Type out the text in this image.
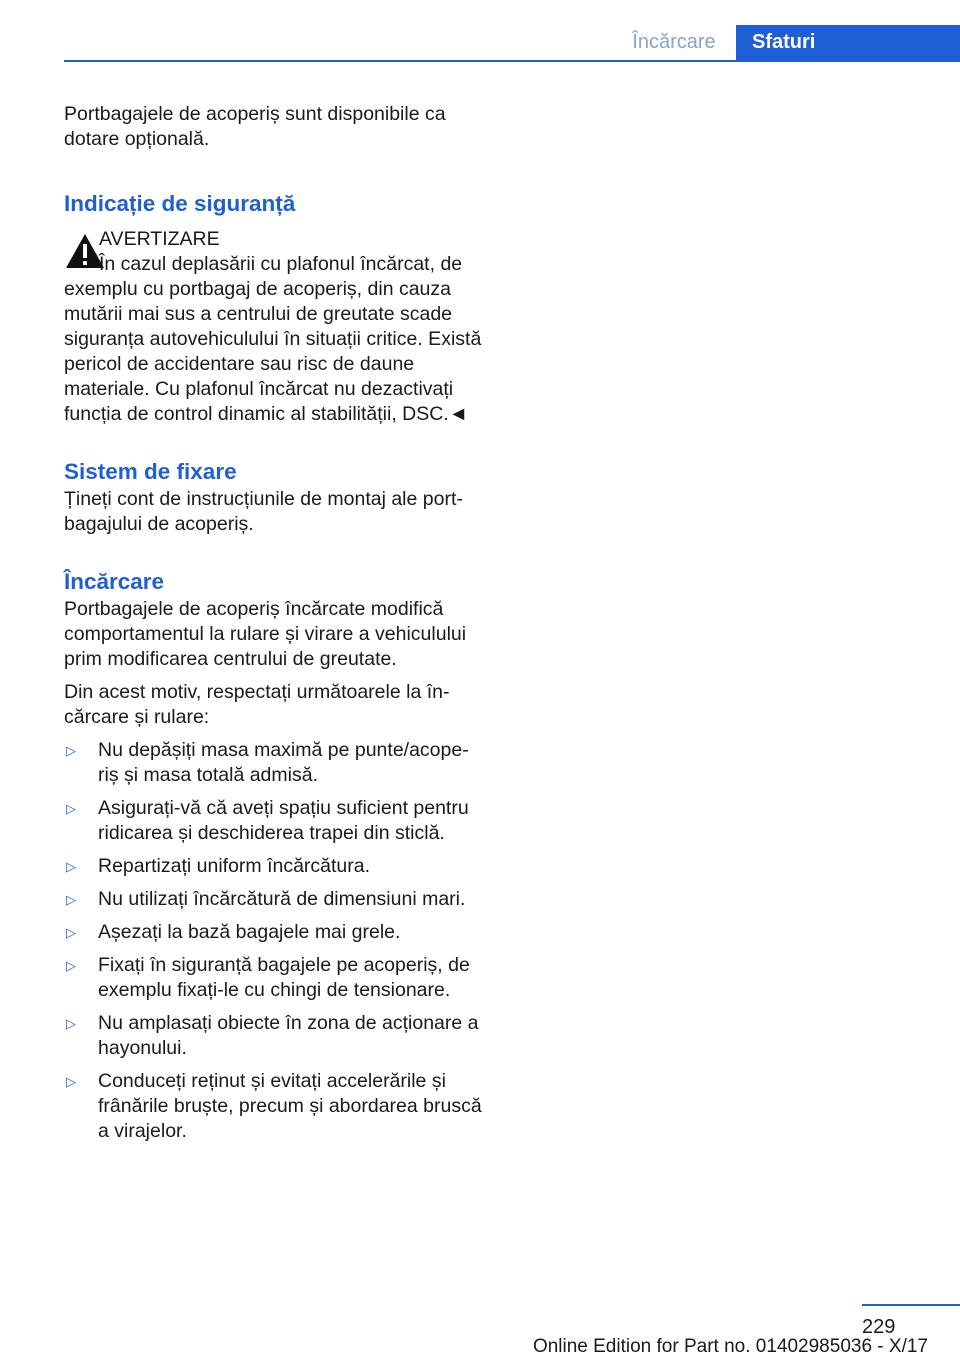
Încărcare	Sfaturi

Portbagajele de acoperiș sunt disponibile ca dotare opțională.

Indicație de siguranță

AVERTIZARE

În cazul deplasării cu plafonul încărcat, de exemplu cu portbagaj de acoperiș, din cauza mutării mai sus a centrului de greutate scade siguranța autovehiculului în situații critice. Există pericol de accidentare sau risc de daune materiale. Cu plafonul încărcat nu dezactivați funcția de control dinamic al stabilității, DSC.◄

Sistem de fixare

Țineți cont de instrucțiunile de montaj ale portbagajului de acoperiș.

Încărcare

Portbagajele de acoperiș încărcate modifică comportamentul la rulare și virare a vehiculului prim modificarea centrului de greutate.

Din acest motiv, respectați următoarele la încărcare și rulare:

▷ Nu depășiți masa maximă pe punte/acoperiș și masa totală admisă.
▷ Asigurați-vă că aveți spațiu suficient pentru ridicarea și deschiderea trapei din sticlă.
▷ Repartizați uniform încărcătura.
▷ Nu utilizați încărcătură de dimensiuni mari.
▷ Așezați la bază bagajele mai grele.
▷ Fixați în siguranță bagajele pe acoperiș, de exemplu fixați-le cu chingi de tensionare.
▷ Nu amplasați obiecte în zona de acționare a hayonului.
▷ Conduceți reținut și evitați accelerările și frânările bruște, precum și abordarea bruscă a virajelor.
229
Online Edition for Part no. 01402985036 - X/17
